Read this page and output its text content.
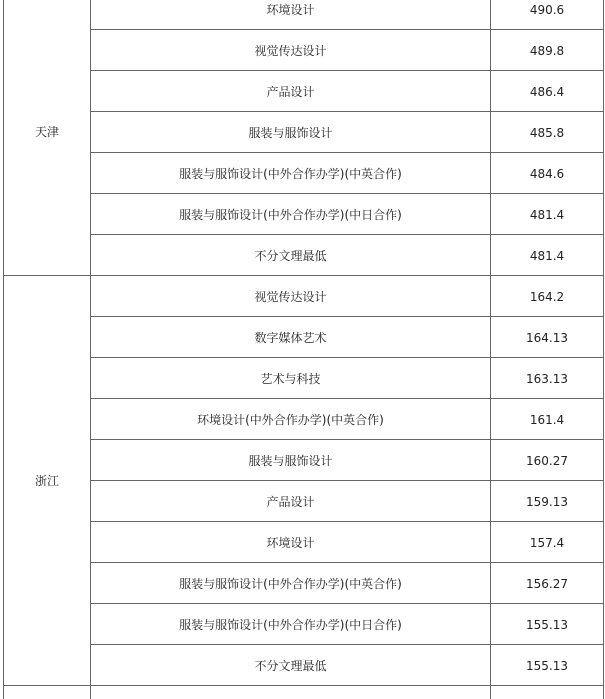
天津	环境设计	490.6

	视觉传达设计	489.8

	产品设计	486.4

	服装与服饰设计	485.8

	服装与服饰设计(中外合作办学)(中英合作)	484.6

	服装与服饰设计(中外合作办学)(中日合作)	481.4

	不分文理最低	481.4

浙江	视觉传达设计	164.2

	数字媒体艺术	164.13

	艺术与科技	163.13

	环境设计(中外合作办学)(中英合作)	161.4

	服装与服饰设计	160.27

	产品设计	159.13

	环境设计	157.4

	服装与服饰设计(中外合作办学)(中英合作)	156.27

	服装与服饰设计(中外合作办学)(中日合作)	155.13

	不分文理最低	155.13
